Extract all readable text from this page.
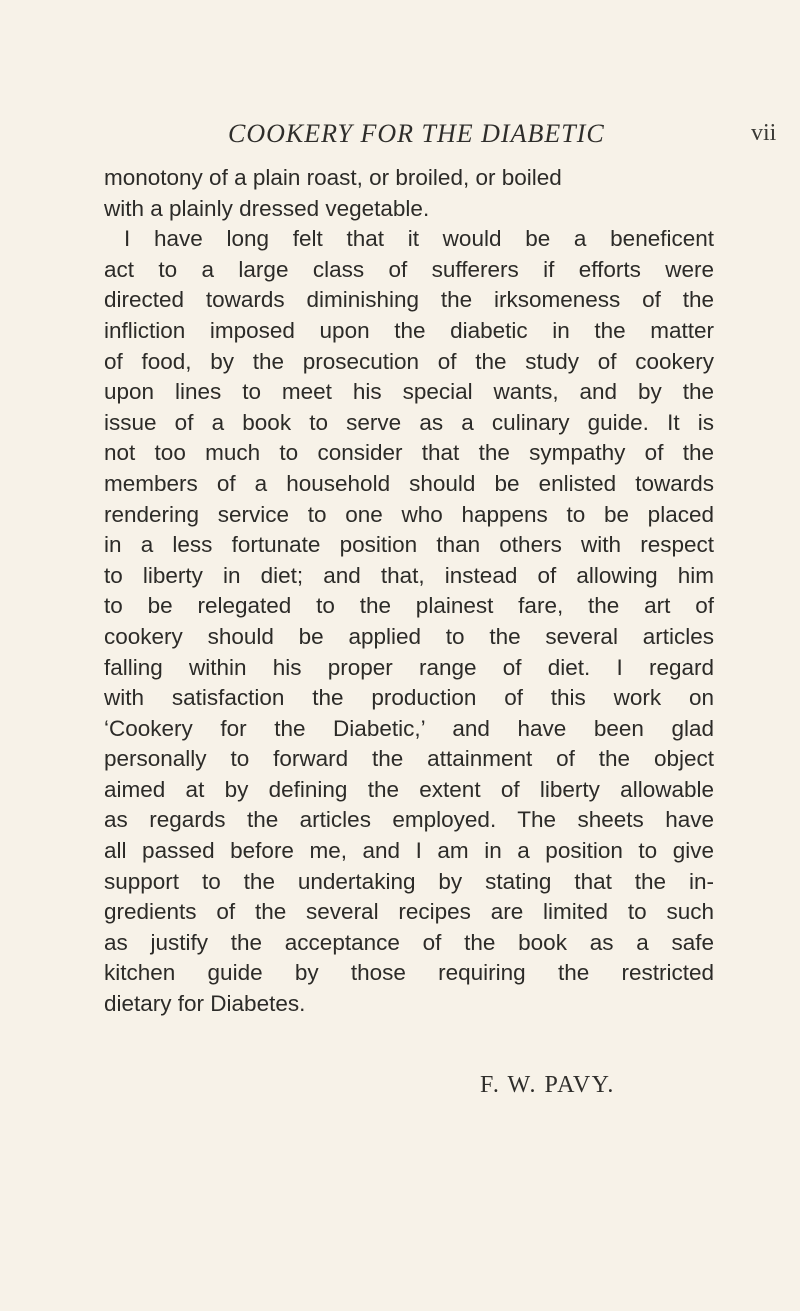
COOKERY FOR THE DIABETIC	vii
monotony of a plain roast, or broiled, or boiled
with a plainly dressed vegetable.
I have long felt that it would be a beneficent
act to a large class of sufferers if efforts were
directed towards diminishing the irksomeness of the
infliction imposed upon the diabetic in the matter
of food, by the prosecution of the study of cookery
upon lines to meet his special wants, and by the
issue of a book to serve as a culinary guide. It is
not too much to consider that the sympathy of the
members of a household should be enlisted towards
rendering service to one who happens to be placed
in a less fortunate position than others with respect
to liberty in diet; and that, instead of allowing him
to be relegated to the plainest fare, the art of
cookery should be applied to the several articles
falling within his proper range of diet. I regard
with satisfaction the production of this work on
‘Cookery for the Diabetic,’ and have been glad
personally to forward the attainment of the object
aimed at by defining the extent of liberty allowable
as regards the articles employed. The sheets have
all passed before me, and I am in a position to give
support to the undertaking by stating that the in-
gredients of the several recipes are limited to such
as justify the acceptance of the book as a safe
kitchen guide by those requiring the restricted
dietary for Diabetes.
F. W. PAVY.
